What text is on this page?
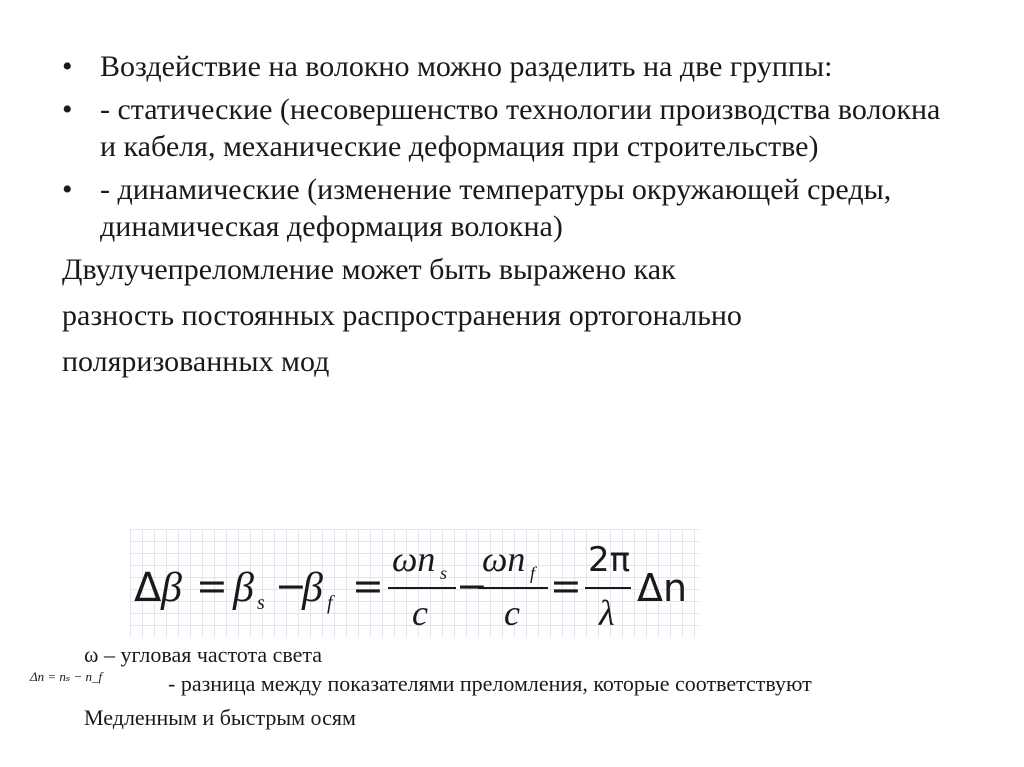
• Воздействие на волокно можно разделить на две группы:
• - статические (несовершенство технологии производства волокна и кабеля, механические деформация при строительстве)
• - динамические (изменение температуры окружающей среды, динамическая деформация волокна)
Двулучепреломление может быть выражено как
разность постоянных распространения ортогонально
поляризованных мод
Δ β = β s −
β f =
ωn s
c
−
ωn f
c
=
2π
λ
Δn
ω – угловая частота света
Δn = nₛ − n_f	- разница между показателями преломления, которые соответствуют
Медленным и быстрым осям
